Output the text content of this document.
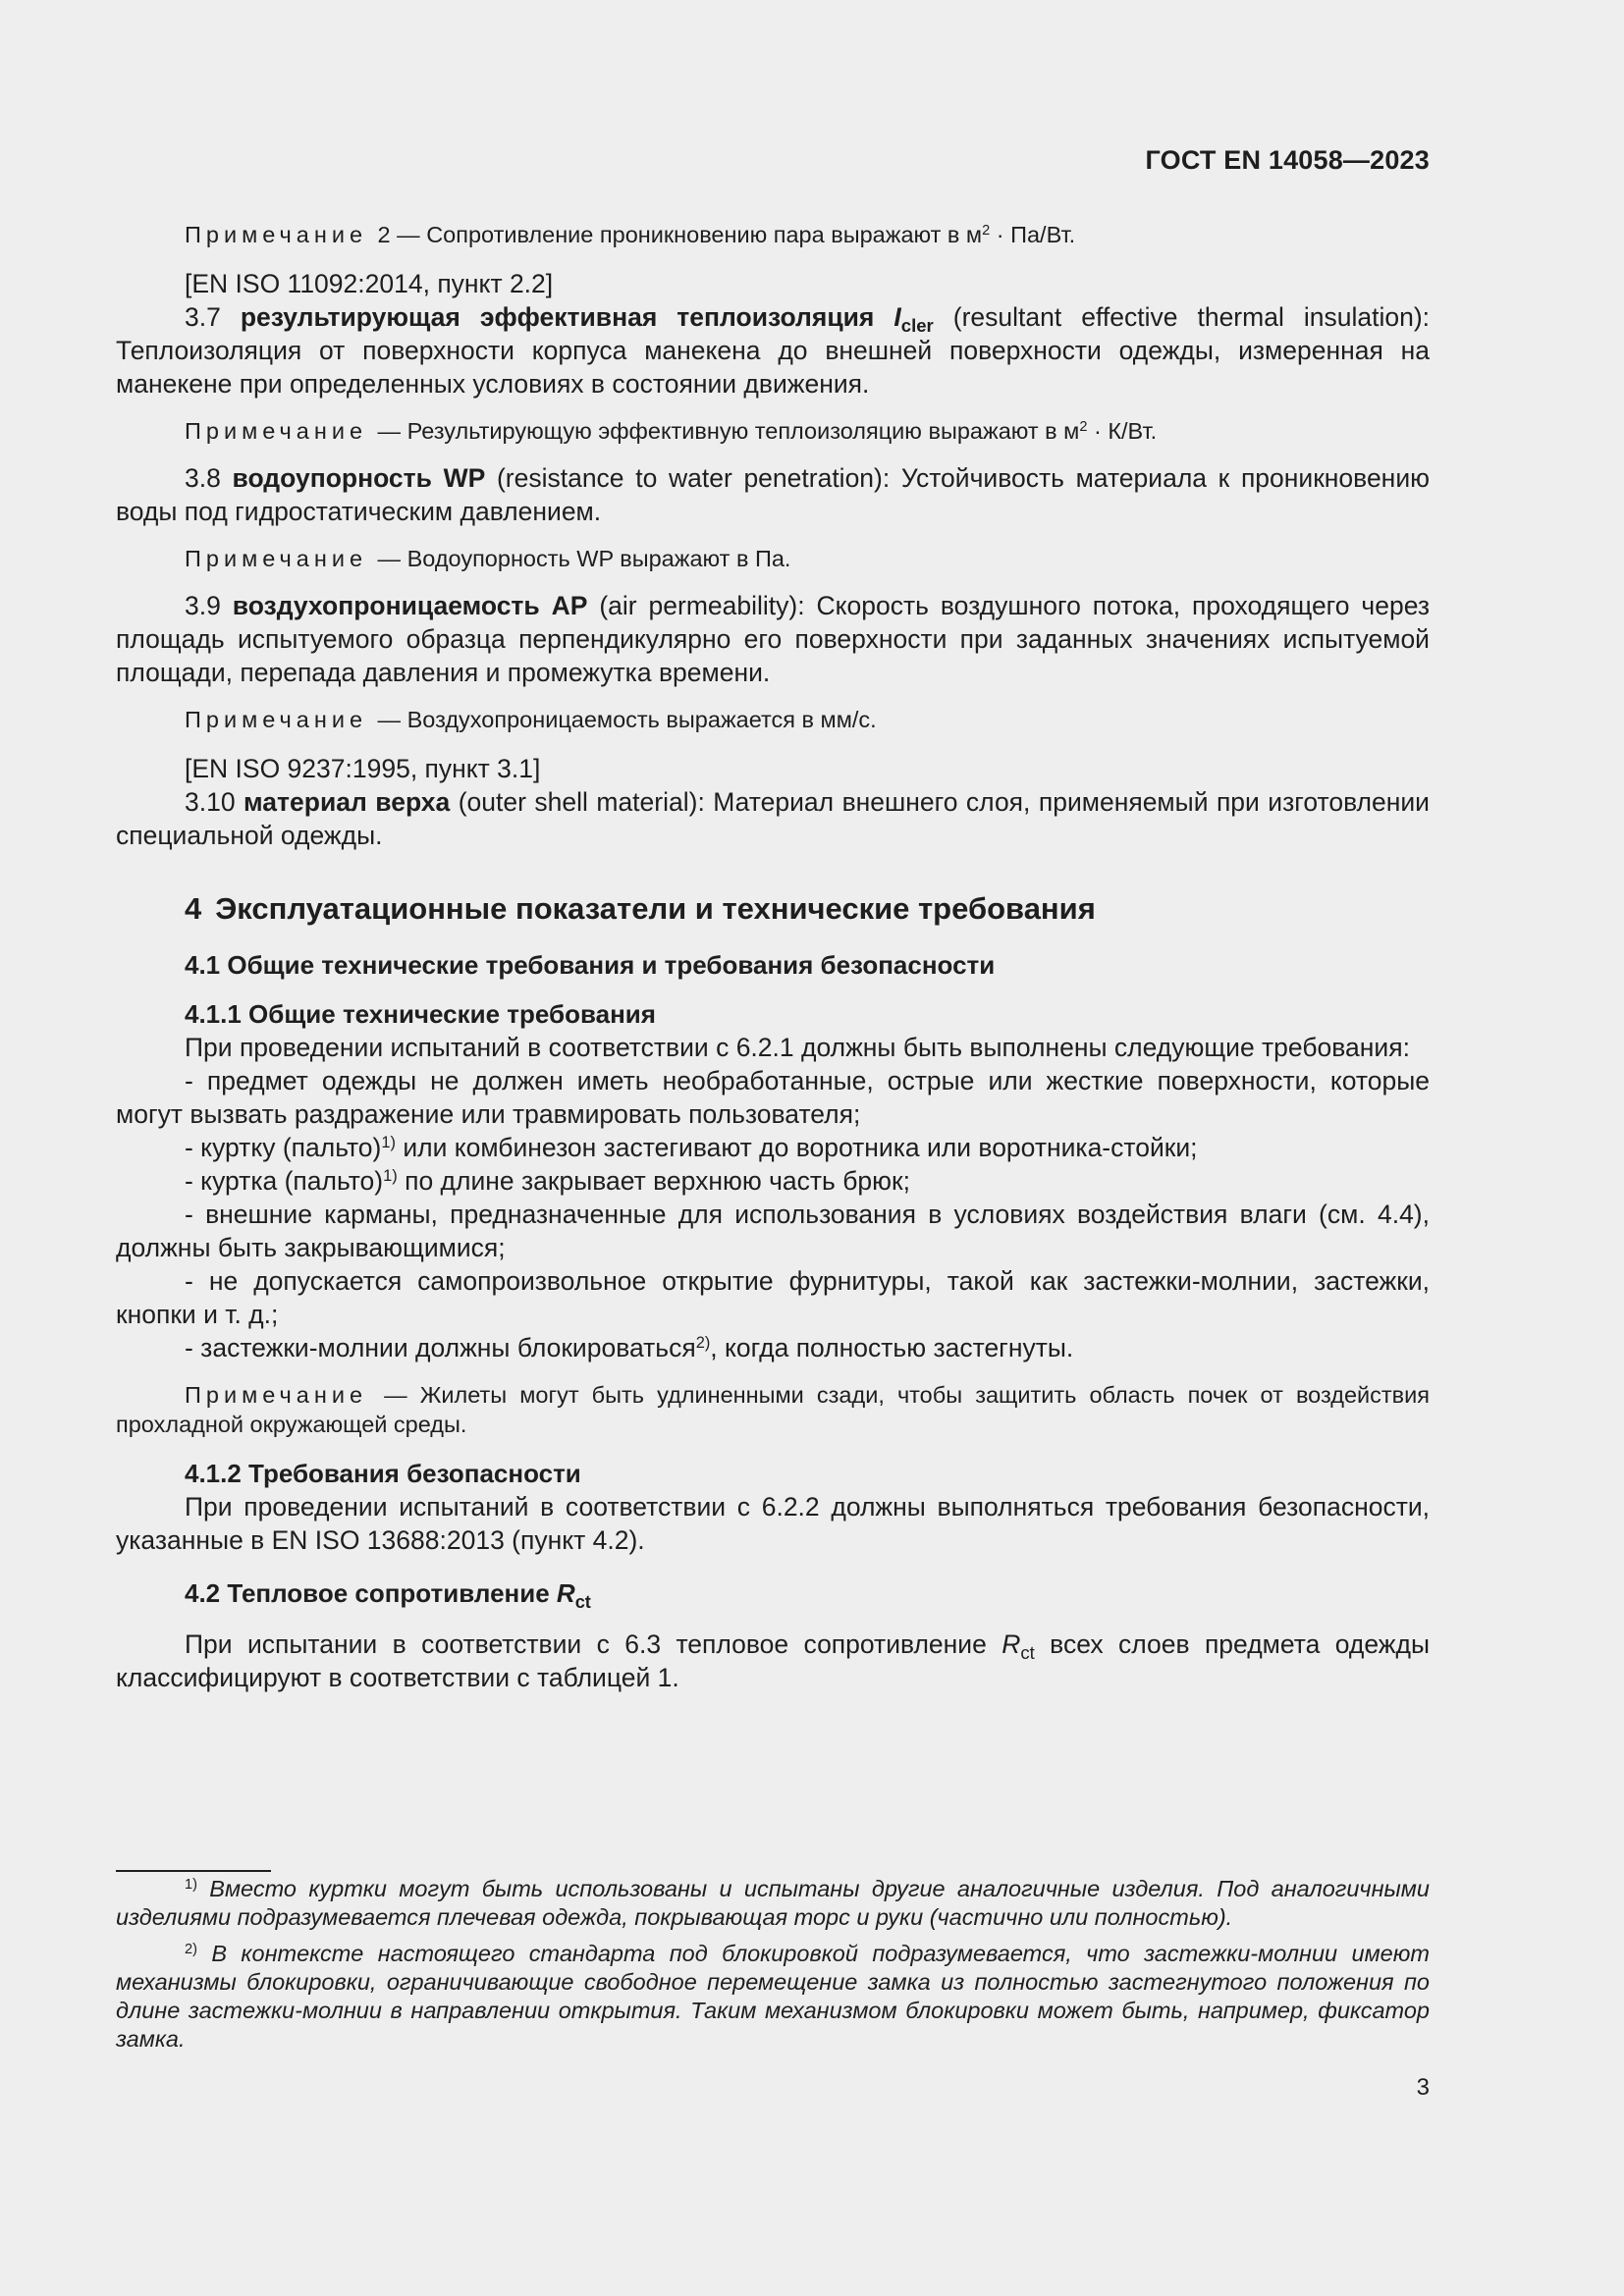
ГОСТ EN 14058—2023

Примечание 2 — Сопротивление проникновению пара выражают в $м^2 \cdot Па/Вт$.

[EN ISO 11092:2014, пункт 2.2]

3.7 результирующая эффективная теплоизоляция $I_{cler}$ (resultant effective thermal insulation): Теплоизоляция от поверхности корпуса манекена до внешней поверхности одежды, измеренная на манекене при определенных условиях в состоянии движения.

Примечание — Результирующую эффективную теплоизоляцию выражают в $м^2 \cdot К/Вт$.

3.8 водоупорность WP (resistance to water penetration): Устойчивость материала к проникновению воды под гидростатическим давлением.

Примечание — Водоупорность WP выражают в Па.

3.9 воздухопроницаемость AP (air permeability): Скорость воздушного потока, проходящего через площадь испытуемого образца перпендикулярно его поверхности при заданных значениях испытуемой площади, перепада давления и промежутка времени.

Примечание — Воздухопроницаемость выражается в мм/с.

[EN ISO 9237:1995, пункт 3.1]

3.10 материал верха (outer shell material): Материал внешнего слоя, применяемый при изготовлении специальной одежды.

4 Эксплуатационные показатели и технические требования

4.1 Общие технические требования и требования безопасности

4.1.1 Общие технические требования

При проведении испытаний в соответствии с 6.2.1 должны быть выполнены следующие требования:

- предмет одежды не должен иметь необработанные, острые или жесткие поверхности, которые могут вызвать раздражение или травмировать пользователя;

- куртку (пальто)$^{1)}$ или комбинезон застегивают до воротника или воротника-стойки;

- куртка (пальто)$^{1)}$ по длине закрывает верхнюю часть брюк;

- внешние карманы, предназначенные для использования в условиях воздействия влаги (см. 4.4), должны быть закрывающимися;

- не допускается самопроизвольное открытие фурнитуры, такой как застежки-молнии, застежки, кнопки и т. д.;

- застежки-молнии должны блокироваться$^{2)}$, когда полностью застегнуты.

Примечание — Жилеты могут быть удлиненными сзади, чтобы защитить область почек от воздействия прохладной окружающей среды.

4.1.2 Требования безопасности

При проведении испытаний в соответствии с 6.2.2 должны выполняться требования безопасности, указанные в EN ISO 13688:2013 (пункт 4.2).

4.2 Тепловое сопротивление $R_{ct}$

При испытании в соответствии с 6.3 тепловое сопротивление $R_{ct}$ всех слоев предмета одежды классифицируют в соответствии с таблицей 1.

$^{1)}$ Вместо куртки могут быть использованы и испытаны другие аналогичные изделия. Под аналогичными изделиями подразумевается плечевая одежда, покрывающая торс и руки (частично или полностью).

$^{2)}$ В контексте настоящего стандарта под блокировкой подразумевается, что застежки-молнии имеют механизмы блокировки, ограничивающие свободное перемещение замка из полностью застегнутого положения по длине застежки-молнии в направлении открытия. Таким механизмом блокировки может быть, например, фиксатор замка.

3
